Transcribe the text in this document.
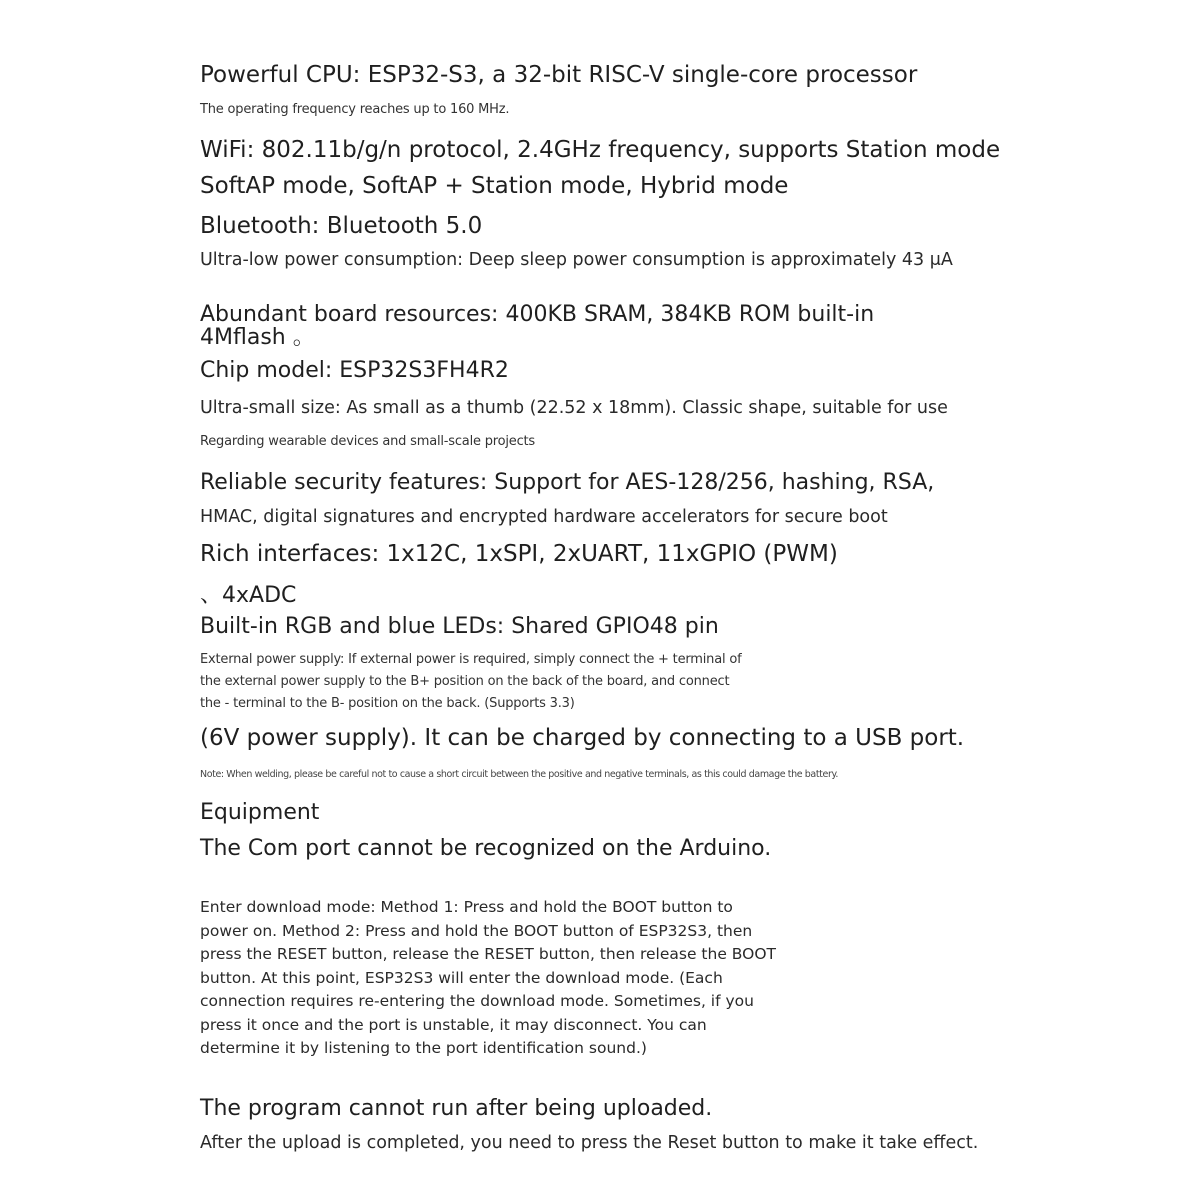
Powerful CPU: ESP32-S3, a 32-bit RISC-V single-core processor

The operating frequency reaches up to 160 MHz.

WiFi: 802.11b/g/n protocol, 2.4GHz frequency, supports Station mode

SoftAP mode, SoftAP + Station mode, Hybrid mode

Bluetooth: Bluetooth 5.0

Ultra-low power consumption: Deep sleep power consumption is approximately 43 μA

Abundant board resources: 400KB SRAM, 384KB ROM built-in

4Mflash 。

Chip model: ESP32S3FH4R2

Ultra-small size: As small as a thumb (22.52 x 18mm). Classic shape, suitable for use

Regarding wearable devices and small-scale projects

Reliable security features: Support for AES-128/256, hashing, RSA,

HMAC, digital signatures and encrypted hardware accelerators for secure boot

Rich interfaces: 1x12C, 1xSPI, 2xUART, 11xGPIO (PWM)

、4xADC

Built-in RGB and blue LEDs: Shared GPIO48 pin

External power supply: If external power is required, simply connect the + terminal of

the external power supply to the B+ position on the back of the board, and connect

the - terminal to the B- position on the back. (Supports 3.3)

(6V power supply). It can be charged by connecting to a USB port.

Note: When welding, please be careful not to cause a short circuit between the positive and negative terminals, as this could damage the battery.

Equipment

The Com port cannot be recognized on the Arduino.

Enter download mode: Method 1: Press and hold the BOOT button to power on. Method 2: Press and hold the BOOT button of ESP32S3, then press the RESET button, release the RESET button, then release the BOOT button. At this point, ESP32S3 will enter the download mode. (Each connection requires re-entering the download mode. Sometimes, if you press it once and the port is unstable, it may disconnect. You can determine it by listening to the port identification sound.)

The program cannot run after being uploaded.

After the upload is completed, you need to press the Reset button to make it take effect.
